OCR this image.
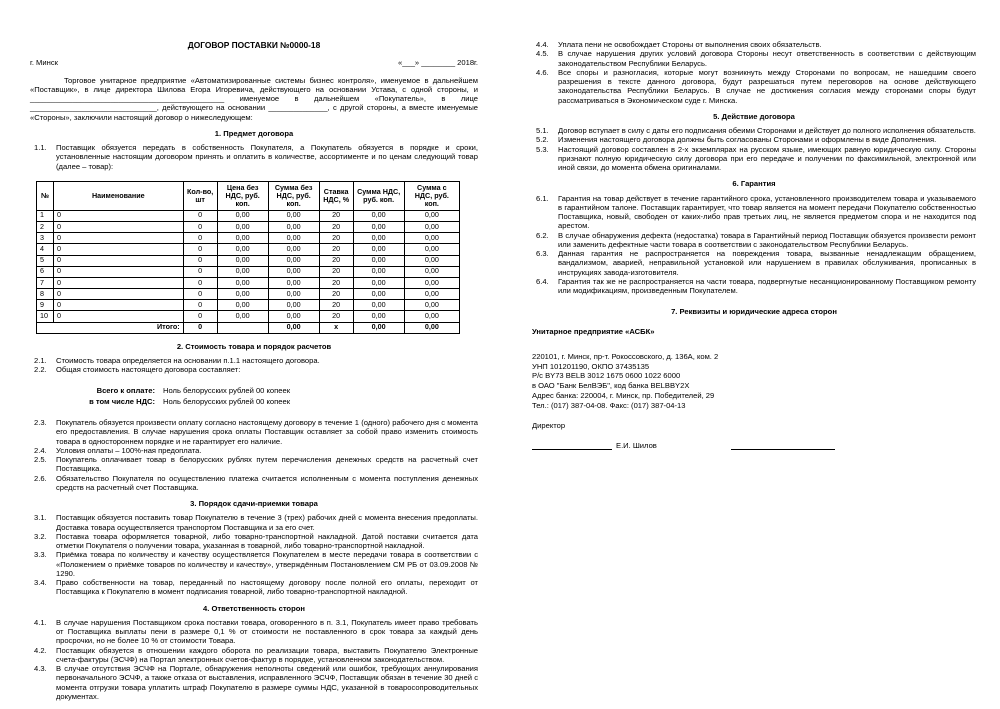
ДОГОВОР ПОСТАВКИ №0000-18
г. Минск	«___» ________ 2018г.

Торговое унитарное предприятие «Автоматизированные системы бизнес контроля», именуемое в дальнейшем «Поставщик», в лице директора Шилова Егора Игоревича, действующего на основании Устава, с одной стороны, и ______________________________________________ именуемое в дальнейшем «Покупатель», в лице ______________________________, действующего на основании ______________, с другой стороны, а вместе именуемые «Стороны», заключили настоящий договор о нижеследующем:

1. Предмет договора
1.1.	Поставщик обязуется передать в собственность Покупателя, а Покупатель обязуется в порядке и сроки, установленные настоящим договором принять и оплатить в количестве, ассортименте и по ценам следующий товар (далее – товар):
№	Наименование	Кол-во, шт	Цена без НДС, руб. коп.	Сумма без НДС, руб. коп.	Ставка НДС, %	Сумма НДС, руб. коп.	Сумма с НДС, руб. коп.
1	0	0	0,00	0,00	20	0,00	0,00
2	0	0	0,00	0,00	20	0,00	0,00
3	0	0	0,00	0,00	20	0,00	0,00
4	0	0	0,00	0,00	20	0,00	0,00
5	0	0	0,00	0,00	20	0,00	0,00
6	0	0	0,00	0,00	20	0,00	0,00
7	0	0	0,00	0,00	20	0,00	0,00
8	0	0	0,00	0,00	20	0,00	0,00
9	0	0	0,00	0,00	20	0,00	0,00
10	0	0	0,00	0,00	20	0,00	0,00
Итого:		0		0,00	x	0,00	0,00
2. Стоимость товара и порядок расчетов
2.1.	Стоимость товара определяется на основании п.1.1 настоящего договора.
2.2.	Общая стоимость настоящего договора составляет:
Всего к оплате:	Ноль белорусских рублей 00 копеек
в том числе НДС:	Ноль белорусских рублей 00 копеек
2.3.	Покупатель обязуется произвести оплату согласно настоящему договору в течение 1 (одного) рабочего дня с момента его предоставления. В случае нарушения срока оплаты Поставщик оставляет за собой право изменить стоимость товара в одностороннем порядке и не гарантирует его наличие.
2.4.	Условия оплаты – 100%-ная предоплата.
2.5.	Покупатель оплачивает товар в белорусских рублях путем перечисления денежных средств на расчетный счет Поставщика.
2.6.	Обязательство Покупателя по осуществлению платежа считается исполненным с момента поступления денежных средств на расчетный счет Поставщика.
3. Порядок сдачи-приемки товара
3.1.	Поставщик обязуется поставить товар Покупателю в течение 3 (трех) рабочих дней с момента внесения предоплаты. Доставка товара осуществляется транспортом Поставщика и за его счет.
3.2.	Поставка товара оформляется товарной, либо товарно-транспортной накладной. Датой поставки считается дата отметки Покупателя о получении товара, указанная в товарной, либо товарно-транспортной накладной.
3.3.	Приёмка товара по количеству и качеству осуществляется Покупателем в месте передачи товара в соответствии с «Положением о приёмке товаров по количеству и качеству», утверждённым Постановлением СМ РБ от 03.09.2008 № 1290.
3.4.	Право собственности на товар, переданный по настоящему договору после полной его оплаты, переходит от Поставщика к Покупателю в момент подписания товарной, либо товарно-транспортной накладной.
4. Ответственность сторон
4.1.	В случае нарушения Поставщиком срока поставки товара, оговоренного в п. 3.1, Покупатель имеет право требовать от Поставщика выплаты пени в размере 0,1 % от стоимости не поставленного в срок товара за каждый день просрочки, но не более 10 % от стоимости Товара.
4.2.	Поставщик обязуется в отношении каждого оборота по реализации товара, выставить Покупателю Электронные счета-фактуры (ЭСЧФ) на Портал электронных счетов-фактур в порядке, установленном законодательством.
4.3.	В случае отсутствия ЭСЧФ на Портале, обнаружения неполноты сведений или ошибок, требующих аннулирования первоначального ЭСЧФ, а также отказа от выставления, исправленного ЭСЧФ, Поставщик обязан в течение 30 дней с момента отгрузки товара уплатить штраф Покупателю в размере суммы НДС, указанной в товаросопроводительных документах.
4.4.	Уплата пени не освобождает Стороны от выполнения своих обязательств.
4.5.	В случае нарушения других условий договора Стороны несут ответственность в соответствии с действующим законодательством Республики Беларусь.
4.6.	Все споры и разногласия, которые могут возникнуть между Сторонами по вопросам, не нашедшим своего разрешения в тексте данного договора, будут разрешаться путем переговоров на основе действующего законодательства Республики Беларусь. В случае не достижения согласия между сторонами споры будут рассматриваться в Экономическом суде г. Минска.
5. Действие договора
5.1.	Договор вступает в силу с даты его подписания обеими Сторонами и действует до полного исполнения обязательств.
5.2.	Изменения настоящего договора должны быть согласованы Сторонами и оформлены в виде Дополнения.
5.3.	Настоящий договор составлен в 2-х экземплярах на русском языке, имеющих равную юридическую силу. Стороны признают полную юридическую силу договора при его передаче и получении по факсимильной, электронной или иной связи, до момента обмена оригиналами.
6. Гарантия
6.1.	Гарантия на товар действует в течение гарантийного срока, установленного производителем товара и указываемого в гарантийном талоне. Поставщик гарантирует, что товар является на момент передачи Покупателю собственностью Поставщика, новый, свободен от каких-либо прав третьих лиц, не является предметом спора и не находится под арестом.
6.2.	В случае обнаружения дефекта (недостатка) товара в Гарантийный период Поставщик обязуется произвести ремонт или заменить дефектные части товара в соответствии с законодательством Республики Беларусь.
6.3.	Данная гарантия не распространяется на повреждения товара, вызванные ненадлежащим обращением, вандализмом, аварией, неправильной установкой или нарушением в правилах обслуживания, прописанных в инструкциях завода-изготовителя.
6.4.	Гарантия так же не распространяется на части товара, подвергнутые несанкционированному Поставщиком ремонту или модификациям, произведенным Покупателем.
7. Реквизиты и юридические адреса сторон
Унитарное предприятие «АСБК»

220101, г. Минск, пр-т. Рокоссовского, д. 136А, ком. 2

УНП 101201190, ОКПО 37435135

Р/с BY73 BELB 3012 1675 0600 1022 6000

в ОАО "Банк БелВЭБ", код банка BELBBY2X

Адрес банка: 220004, г. Минск, пр. Победителей, 29

Тел.: (017) 387-04-08. Факс: (017) 387-04-13

Директор

Е.И. Шилов
